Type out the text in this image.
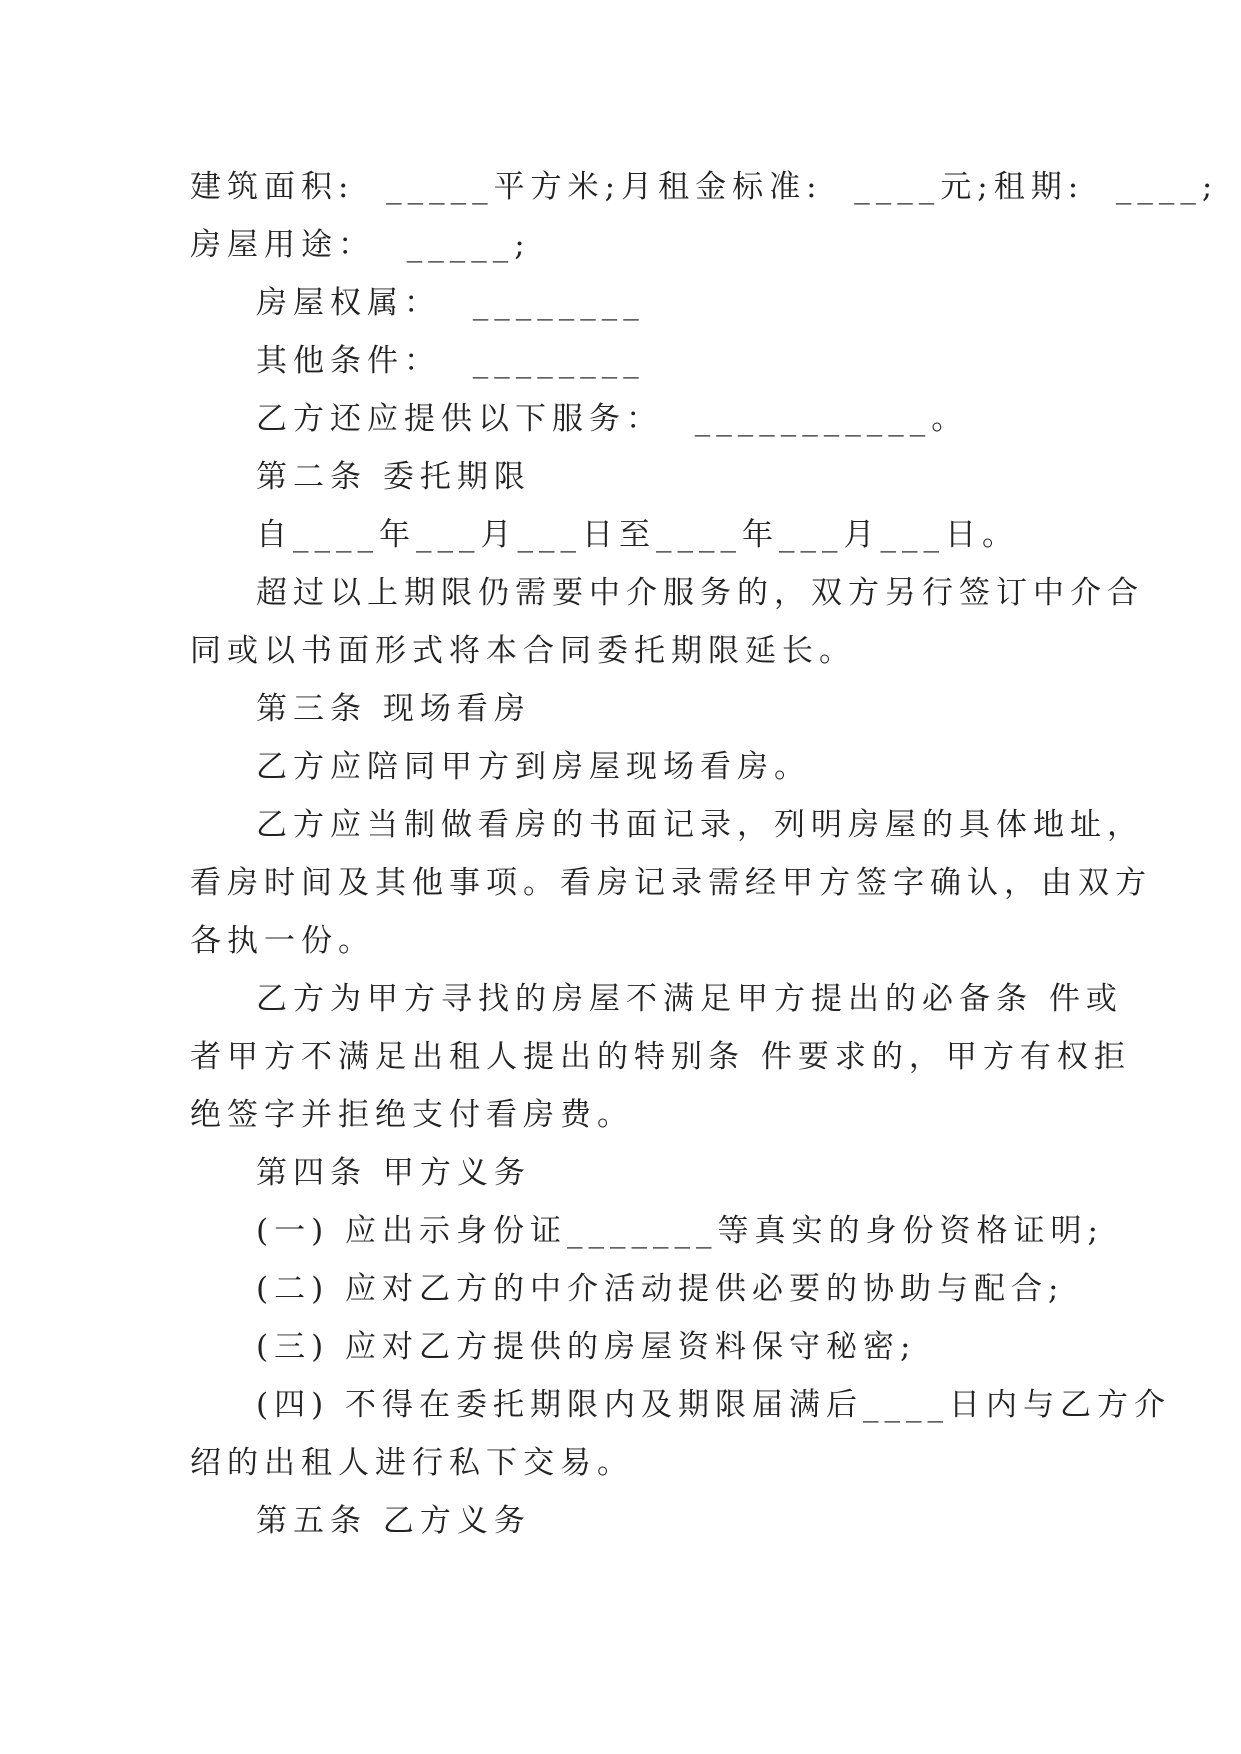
建筑面积:  _____平方米;月租金标准:  ____元;租期:  ____;
房屋用途：  _____;
房屋权属：  ________
其他条件：  ________
乙方还应提供以下服务：  ___________。
第二条 委托期限
自____年___月___日至____年___月___日。
超过以上期限仍需要中介服务的，双方另行签订中介合
同或以书面形式将本合同委托期限延长。
第三条 现场看房
乙方应陪同甲方到房屋现场看房。
乙方应当制做看房的书面记录，列明房屋的具体地址，
看房时间及其他事项。看房记录需经甲方签字确认，由双方
各执一份。
乙方为甲方寻找的房屋不满足甲方提出的必备条 件或
者甲方不满足出租人提出的特别条 件要求的，甲方有权拒
绝签字并拒绝支付看房费。
第四条 甲方义务
(一) 应出示身份证_______等真实的身份资格证明;
(二) 应对乙方的中介活动提供必要的协助与配合;
(三) 应对乙方提供的房屋资料保守秘密;
(四) 不得在委托期限内及期限届满后____日内与乙方介
绍的出租人进行私下交易。
第五条 乙方义务
